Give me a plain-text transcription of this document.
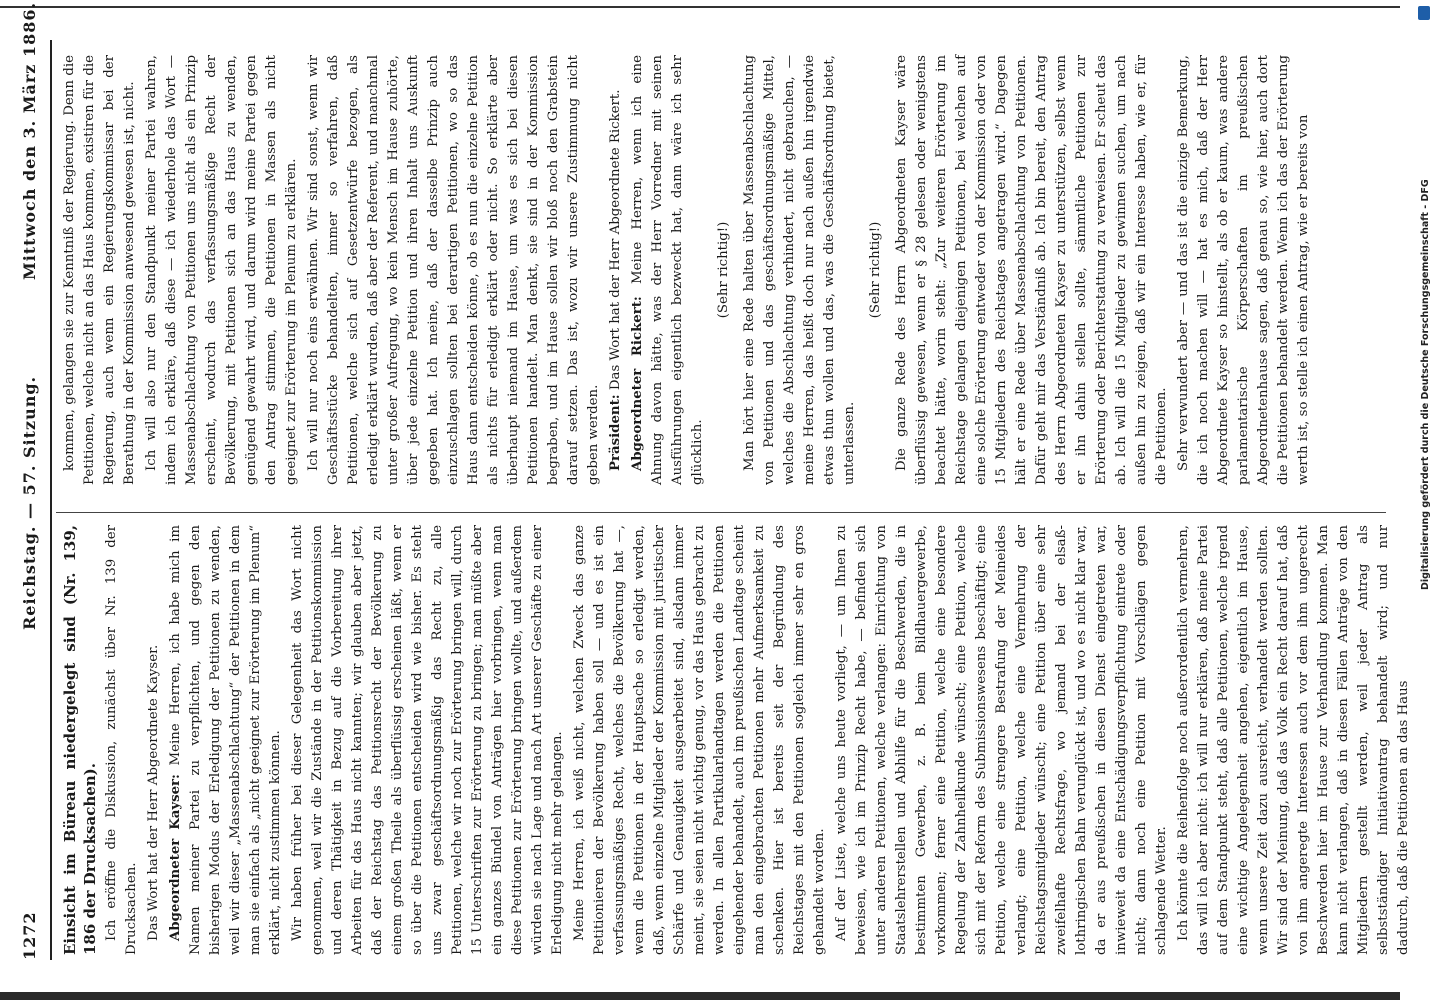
1272
Reichstag. — 57. Sitzung.
Mittwoch den 3. März 1886.

Einsicht im Büreau niedergelegt sind (Nr. 139, 186 der Drucksachen). Ich eröffne die Diskussion, zunächst über Nr. 139 der Drucksachen. Das Wort hat der Herr Abgeordnete Kayser. Abgeordneter Kayser: Meine Herren, ich habe mich im Namen meiner Partei zu verpflichten, und gegen den bisherigen Modus der Erledigung der Petitionen zu wenden, weil wir dieser „Massenabschlachtung“ der Petitionen in dem man sie einfach als „nicht geeignet zur Erörterung im Plenum“ erklärt, nicht zustimmen können. Wir haben früher bei dieser Gelegenheit das Wort nicht genommen, weil wir die Zustände in der Petitionskommission und deren Thätigkeit in Bezug auf die Vorbereitung ihrer Arbeiten für das Haus nicht kannten; wir glauben aber jetzt, daß der Reichstag das Petitionsrecht der Bevölkerung zu einem großen Theile als überflüssig erscheinen läßt, wenn er so über die Petitionen entscheiden wird wie bisher. Es steht uns zwar geschäftsordnungsmäßig das Recht zu, alle Petitionen, welche wir noch zur Erörterung bringen will, durch 15 Unterschriften zur Erörterung zu bringen; man müßte aber ein ganzes Bündel von Anträgen hier vorbringen, wenn man diese Petitionen zur Erörterung bringen wollte, und außerdem würden sie nach Lage und nach Art unserer Geschäfte zu einer Erledigung nicht mehr gelangen. Meine Herren, ich weiß nicht, welchen Zweck das ganze Petitionieren der Bevölkerung haben soll — und es ist ein verfassungsmäßiges Recht, welches die Bevölkerung hat —, wenn die Petitionen in der Hauptsache so erledigt werden, daß, wenn einzelne Mitglieder der Kommission mit juristischer Schärfe und Genauigkeit ausgearbeitet sind, alsdann immer meint, sie seien nicht wichtig genug, vor das Haus gebracht zu werden. In allen Partikularlandtagen werden die Petitionen eingehender behandelt, auch im preußischen Landtage scheint man den eingebrachten Petitionen mehr Aufmerksamkeit zu schenken. Hier ist bereits seit der Begründung des Reichstages mit den Petitionen sogleich immer sehr en gros gehandelt worden. Auf der Liste, welche uns heute vorliegt, — um Ihnen zu beweisen, wie ich im Prinzip Recht habe, — befinden sich unter anderen Petitionen, welche verlangen: Einrichtung von Staatslehrerstellen und Abhilfe für die Beschwerden, die in bestimmten Gewerben, z. B. beim Bildhauergewerbe, vorkommen; ferner eine Petition, welche eine besondere Regelung der Zahnheilkunde wünscht; eine Petition, welche sich mit der Reform des Submissionswesens beschäftigt; eine Petition, welche eine strengere Bestrafung der Meineides verlangt; eine Petition, welche eine Vermehrung der Reichstagsmitglieder wünscht; eine Petition über eine sehr zweifelhafte Rechtsfrage, wo jemand bei der elsaß-lothringischen Bahn verunglückt ist, und wo es nicht klar war, da er aus preußischen in diesen Dienst eingetreten war, inwieweit da eine Entschädigungsverpflichtung eintrete oder nicht; dann noch eine Petition mit Vorschlägen gegen schlagende Wetter. Ich könnte die Reihenfolge noch außerordentlich vermehren, das will ich aber nicht: ich will nur erklären, daß meine Partei auf dem Standpunkt steht, daß alle Petitionen, welche irgend eine wichtige Angelegenheit angehen, eigentlich im Hause, wenn unsere Zeit dazu ausreicht, verhandelt werden sollten. Wir sind der Meinung, daß das Volk ein Recht darauf hat, daß von ihm angeregte Interessen auch vor dem ihm ungerecht Beschwerden hier im Hause zur Verhandlung kommen. Man kann nicht verlangen, daß in diesen Fällen Anträge von den Mitgliedern gestellt werden, weil jeder Antrag als selbstständiger Initiativantrag behandelt wird; und nur dadurch, daß die Petitionen an das Haus

kommen, gelangen sie zur Kenntniß der Regierung. Denn die Petitionen, welche nicht an das Haus kommen, existiren für die Regierung, auch wenn ein Regierungskommissar bei der Berathung in der Kommission anwesend gewesen ist, nicht. Ich will also nur den Standpunkt meiner Partei wahren, indem ich erkläre, daß diese — ich wiederhole das Wort — Massenabschlachtung von Petitionen uns nicht als ein Prinzip erscheint, wodurch das verfassungsmäßige Recht der Bevölkerung, mit Petitionen sich an das Haus zu wenden, genügend gewahrt wird, und darum wird meine Partei gegen den Antrag stimmen, die Petitionen in Massen als nicht geeignet zur Erörterung im Plenum zu erklären. Ich will nur noch eins erwähnen. Wir sind sonst, wenn wir Geschäftsstücke behandelten, immer so verfahren, daß Petitionen, welche sich auf Gesetzentwürfe bezogen, als erledigt erklärt wurden, daß aber der Referent, und manchmal unter großer Aufregung, wo kein Mensch im Hause zuhörte, über jede einzelne Petition und ihren Inhalt uns Auskunft gegeben hat. Ich meine, daß der dasselbe Prinzip auch einzuschlagen sollten bei derartigen Petitionen, wo so das Haus dann entscheiden könne, ob es nun die einzelne Petition als nichts für erledigt erklärt oder nicht. So erklärte aber überhaupt niemand im Hause, um was es sich bei diesen Petitionen handelt. Man denkt, sie sind in der Kommission begraben, und im Hause sollen wir bloß noch den Grabstein darauf setzen. Das ist, wozu wir unsere Zustimmung nicht geben werden. Präsident: Das Wort hat der Herr Abgeordnete Rickert. Abgeordneter Rickert: Meine Herren, wenn ich eine Ahnung davon hätte, was der Herr Vorredner mit seinen Ausführungen eigentlich bezweckt hat, dann wäre ich sehr glücklich.

(Sehr richtig!) Man hört hier eine Rede halten über Massenabschlachtung von Petitionen und das geschäftsordnungsmäßige Mittel, welches die Abschlachtung verhindert, nicht gebrauchen, — meine Herren, das heißt doch nur nach außen hin irgendwie etwas thun wollen und das, was die Geschäftsordnung bietet, unterlassen.

(Sehr richtig!) Die ganze Rede des Herrn Abgeordneten Kayser wäre überflüssig gewesen, wenn er § 28 gelesen oder wenigstens beachtet hätte, worin steht: „Zur weiteren Erörterung im Reichstage gelangen diejenigen Petitionen, bei welchen auf eine solche Erörterung entweder von der Kommission oder von 15 Mitgliedern des Reichstages angetragen wird.“ Dagegen hält er eine Rede über Massenabschlachtung von Petitionen. Dafür geht mir das Verständniß ab. Ich bin bereit, den Antrag des Herrn Abgeordneten Kayser zu unterstützen, selbst wenn er ihn dahin stellen sollte, sämmtliche Petitionen zur Erörterung oder Berichterstattung zu verweisen. Er scheut das ab. Ich will die 15 Mitglieder zu gewinnen suchen, um nach außen hin zu zeigen, daß wir ein Interesse haben, wie er, für die Petitionen. Sehr verwundert aber — und das ist die einzige Bemerkung, die ich noch machen will — hat es mich, daß der Herr Abgeordnete Kayser so hinstellt, als ob er kaum, was andere parlamentarische Körperschaften im preußischen Abgeordnetenhause sagen, daß genau so, wie hier, auch dort die Petitionen behandelt werden. Wenn ich das der Erörterung werth ist, so stelle ich einen Antrag, wie er bereits von	Digitalisierung gefördert durch die Deutsche Forschungsgemeinschaft - DFG
